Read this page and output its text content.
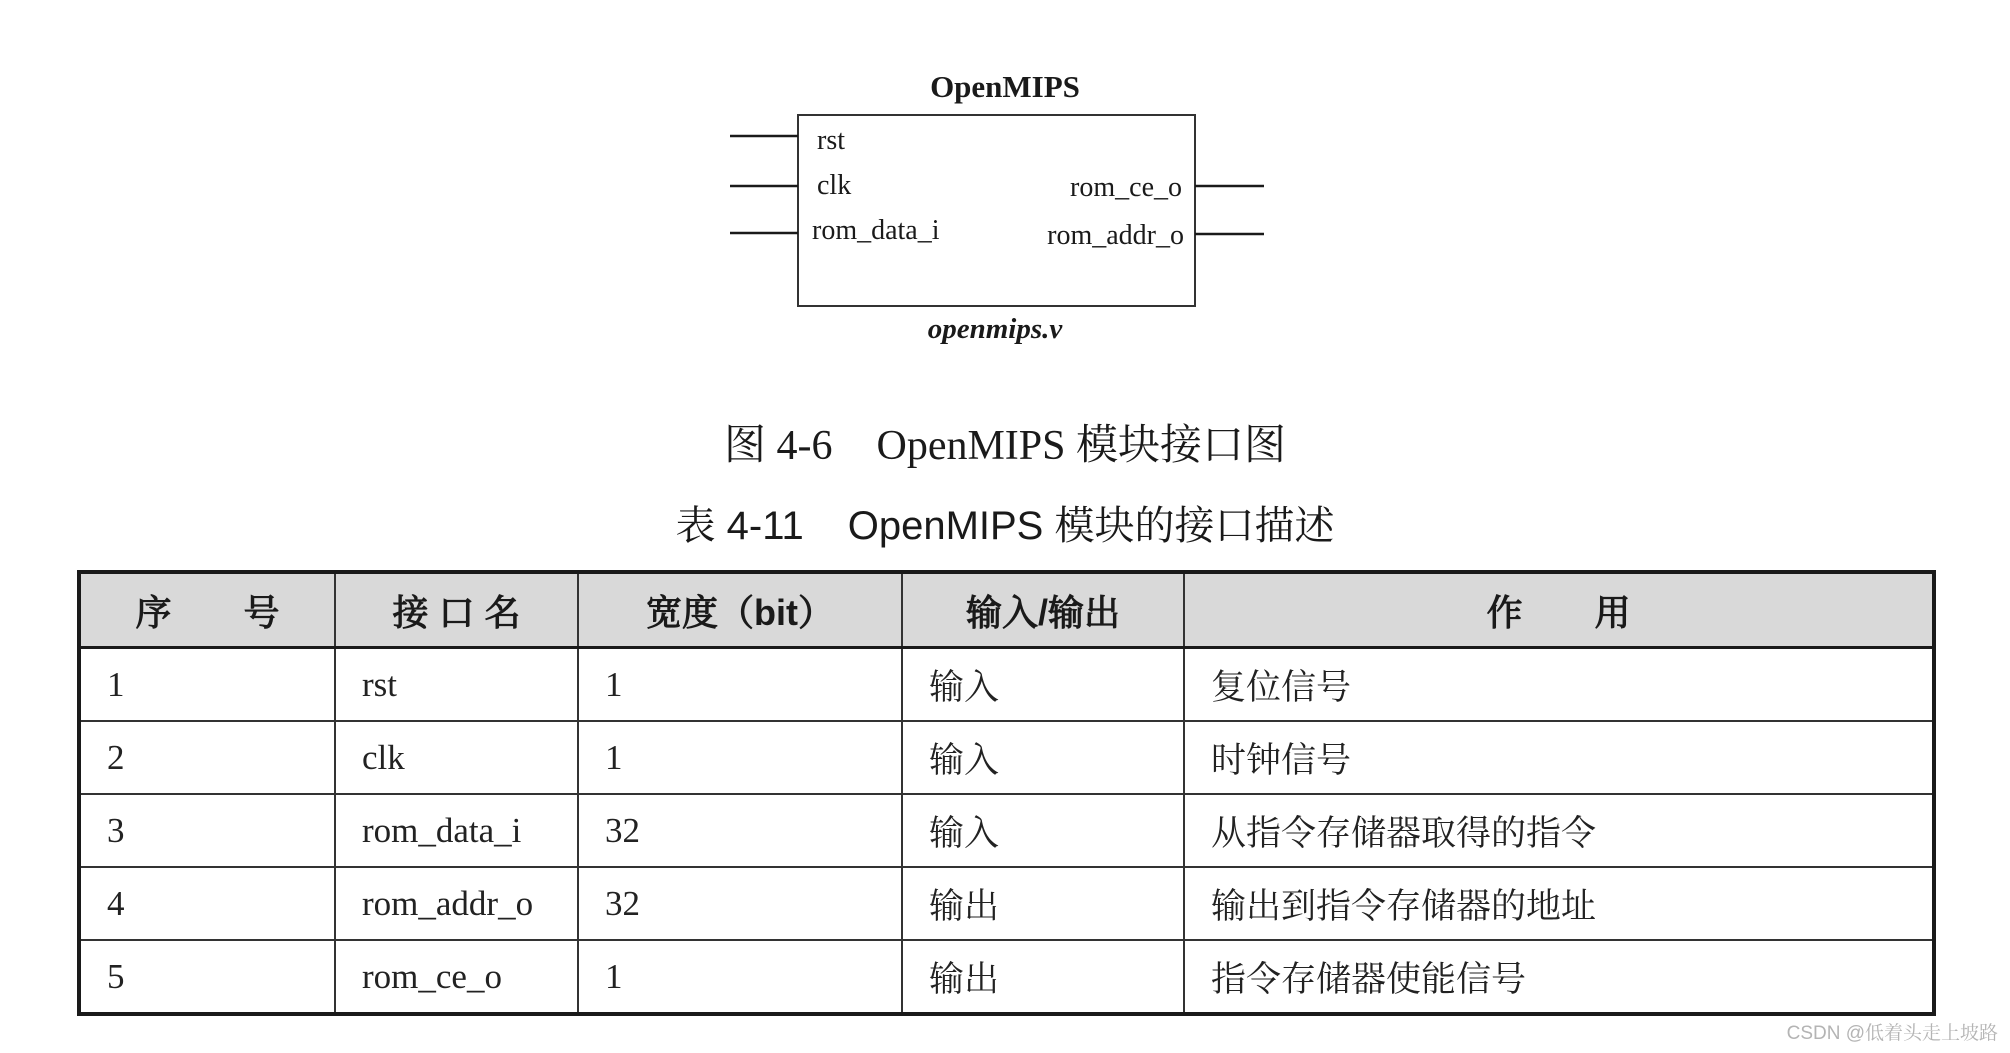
OpenMIPS
rst
clk
rom_data_i
rom_ce_o
rom_addr_o
openmips.v
图 4-6 OpenMIPS 模块接口图
表 4-11 OpenMIPS 模块的接口描述
序　　号	接 口 名	宽度（bit）	输入/输出	作　　用
1	rst	1	输入	复位信号
2	clk	1	输入	时钟信号
3	rom_data_i	32	输入	从指令存储器取得的指令
4	rom_addr_o	32	输出	输出到指令存储器的地址
5	rom_ce_o	1	输出	指令存储器使能信号
CSDN @低着头走上坡路
